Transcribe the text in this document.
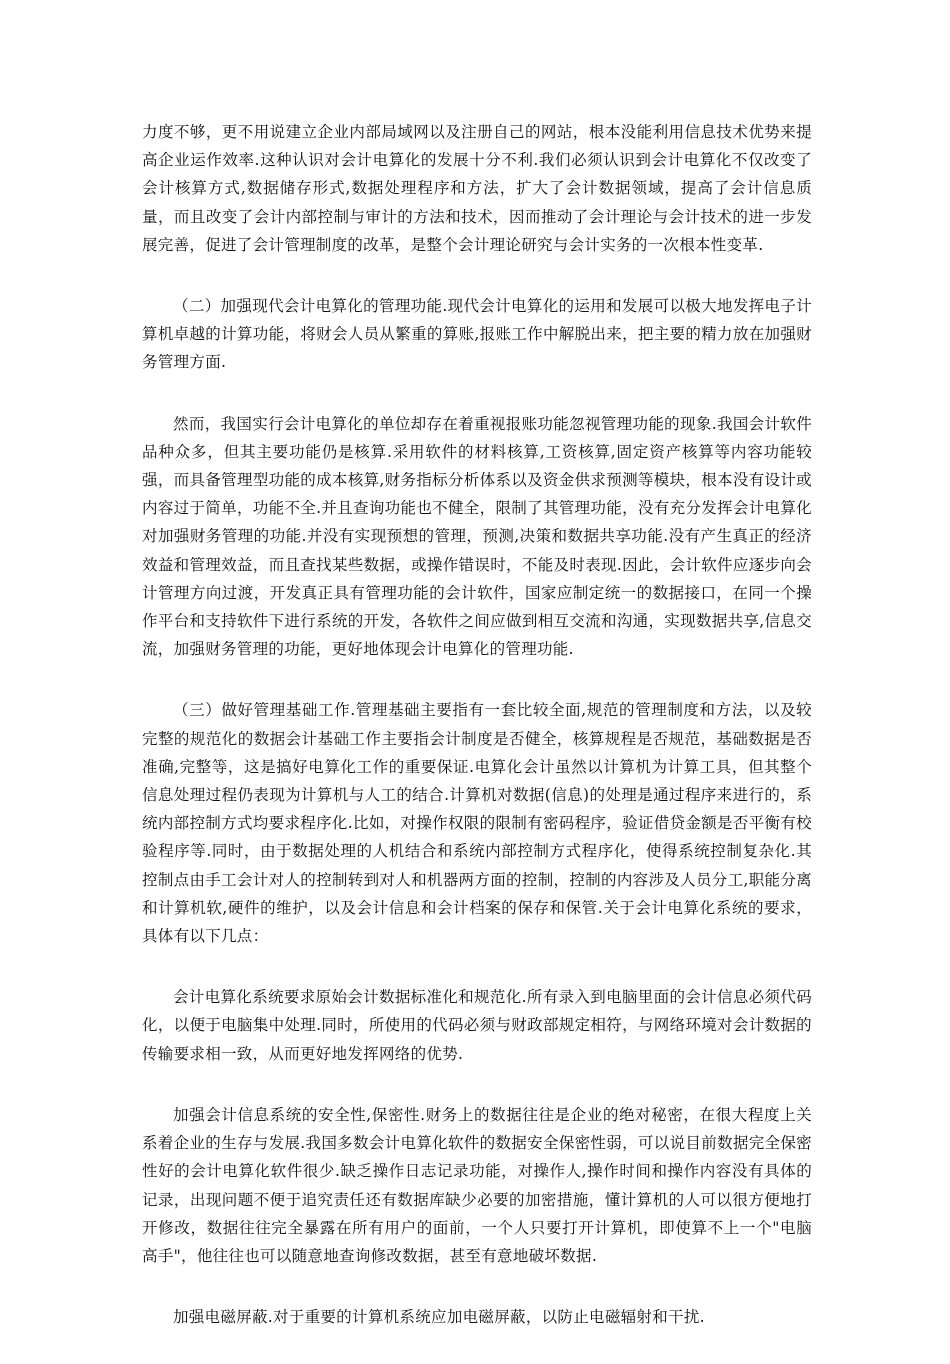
力度不够，更不用说建立企业内部局域网以及注册自己的网站，根本没能利用信息技术优势来提高企业运作效率.这种认识对会计电算化的发展十分不利.我们必须认识到会计电算化不仅改变了会计核算方式,数据储存形式,数据处理程序和方法，扩大了会计数据领域，提高了会计信息质量，而且改变了会计内部控制与审计的方法和技术，因而推动了会计理论与会计技术的进一步发展完善，促进了会计管理制度的改革，是整个会计理论研究与会计实务的一次根本性变革.

（二）加强现代会计电算化的管理功能.现代会计电算化的运用和发展可以极大地发挥电子计算机卓越的计算功能，将财会人员从繁重的算账,报账工作中解脱出来，把主要的精力放在加强财务管理方面.

然而，我国实行会计电算化的单位却存在着重视报账功能忽视管理功能的现象.我国会计软件品种众多，但其主要功能仍是核算.采用软件的材料核算,工资核算,固定资产核算等内容功能较强，而具备管理型功能的成本核算,财务指标分析体系以及资金供求预测等模块，根本没有设计或内容过于简单，功能不全.并且查询功能也不健全，限制了其管理功能，没有充分发挥会计电算化对加强财务管理的功能.并没有实现预想的管理，预测,决策和数据共享功能.没有产生真正的经济效益和管理效益，而且查找某些数据，或操作错误时，不能及时表现.因此，会计软件应逐步向会计管理方向过渡，开发真正具有管理功能的会计软件，国家应制定统一的数据接口，在同一个操作平台和支持软件下进行系统的开发，各软件之间应做到相互交流和沟通，实现数据共享,信息交流，加强财务管理的功能，更好地体现会计电算化的管理功能.

（三）做好管理基础工作.管理基础主要指有一套比较全面,规范的管理制度和方法，以及较完整的规范化的数据会计基础工作主要指会计制度是否健全，核算规程是否规范，基础数据是否准确,完整等，这是搞好电算化工作的重要保证.电算化会计虽然以计算机为计算工具，但其整个信息处理过程仍表现为计算机与人工的结合.计算机对数据(信息)的处理是通过程序来进行的，系统内部控制方式均要求程序化.比如，对操作权限的限制有密码程序，验证借贷金额是否平衡有校验程序等.同时，由于数据处理的人机结合和系统内部控制方式程序化，使得系统控制复杂化.其控制点由手工会计对人的控制转到对人和机器两方面的控制，控制的内容涉及人员分工,职能分离和计算机软,硬件的维护，以及会计信息和会计档案的保存和保管.关于会计电算化系统的要求，具体有以下几点：

会计电算化系统要求原始会计数据标准化和规范化.所有录入到电脑里面的会计信息必须代码化，以便于电脑集中处理.同时，所使用的代码必须与财政部规定相符，与网络环境对会计数据的传输要求相一致，从而更好地发挥网络的优势.

加强会计信息系统的安全性,保密性.财务上的数据往往是企业的绝对秘密，在很大程度上关系着企业的生存与发展.我国多数会计电算化软件的数据安全保密性弱，可以说目前数据完全保密性好的会计电算化软件很少.缺乏操作日志记录功能，对操作人,操作时间和操作内容没有具体的记录，出现问题不便于追究责任还有数据库缺少必要的加密措施，懂计算机的人可以很方便地打开修改，数据往往完全暴露在所有用户的面前，一个人只要打开计算机，即使算不上一个"电脑高手"，他往往也可以随意地查询修改数据，甚至有意地破坏数据.

加强电磁屏蔽.对于重要的计算机系统应加电磁屏蔽，以防止电磁辐射和干扰.
